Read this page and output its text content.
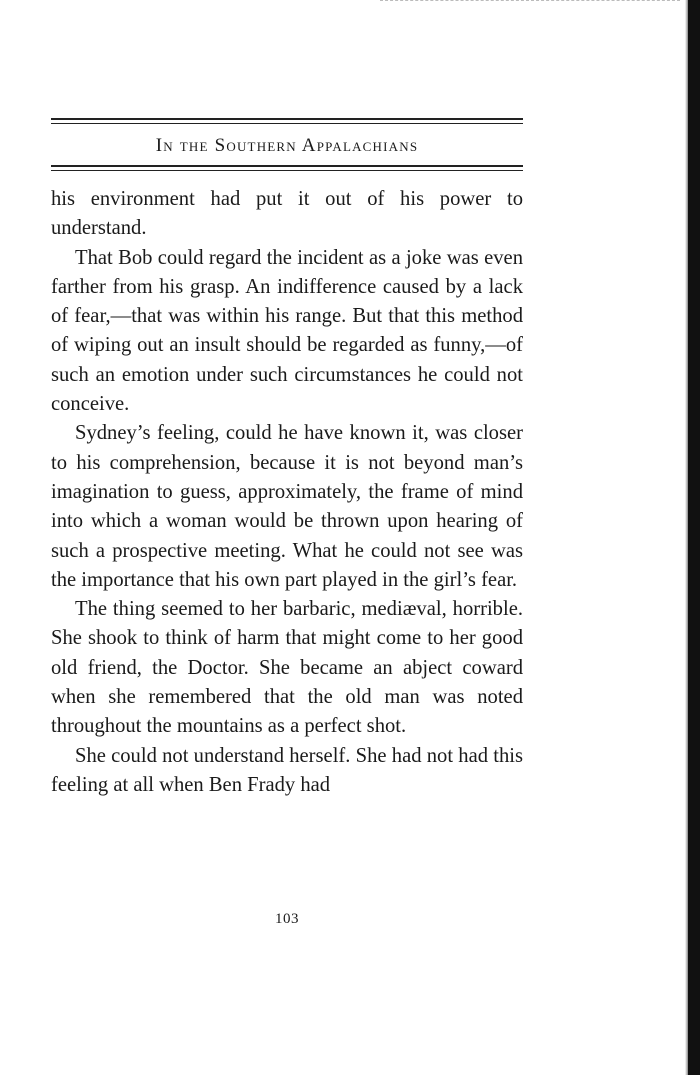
In the Southern Appalachians

his environment had put it out of his power to understand.

That Bob could regard the incident as a joke was even farther from his grasp. An indifference caused by a lack of fear,—that was within his range. But that this method of wiping out an insult should be regarded as funny,—of such an emotion under such circumstances he could not conceive.

Sydney’s feeling, could he have known it, was closer to his comprehension, because it is not beyond man’s imagination to guess, approximately, the frame of mind into which a woman would be thrown upon hearing of such a prospective meeting. What he could not see was the importance that his own part played in the girl’s fear.

The thing seemed to her barbaric, mediæval, horrible. She shook to think of harm that might come to her good old friend, the Doctor. She became an abject coward when she remembered that the old man was noted throughout the mountains as a perfect shot.

She could not understand herself. She had not had this feeling at all when Ben Frady had

103
